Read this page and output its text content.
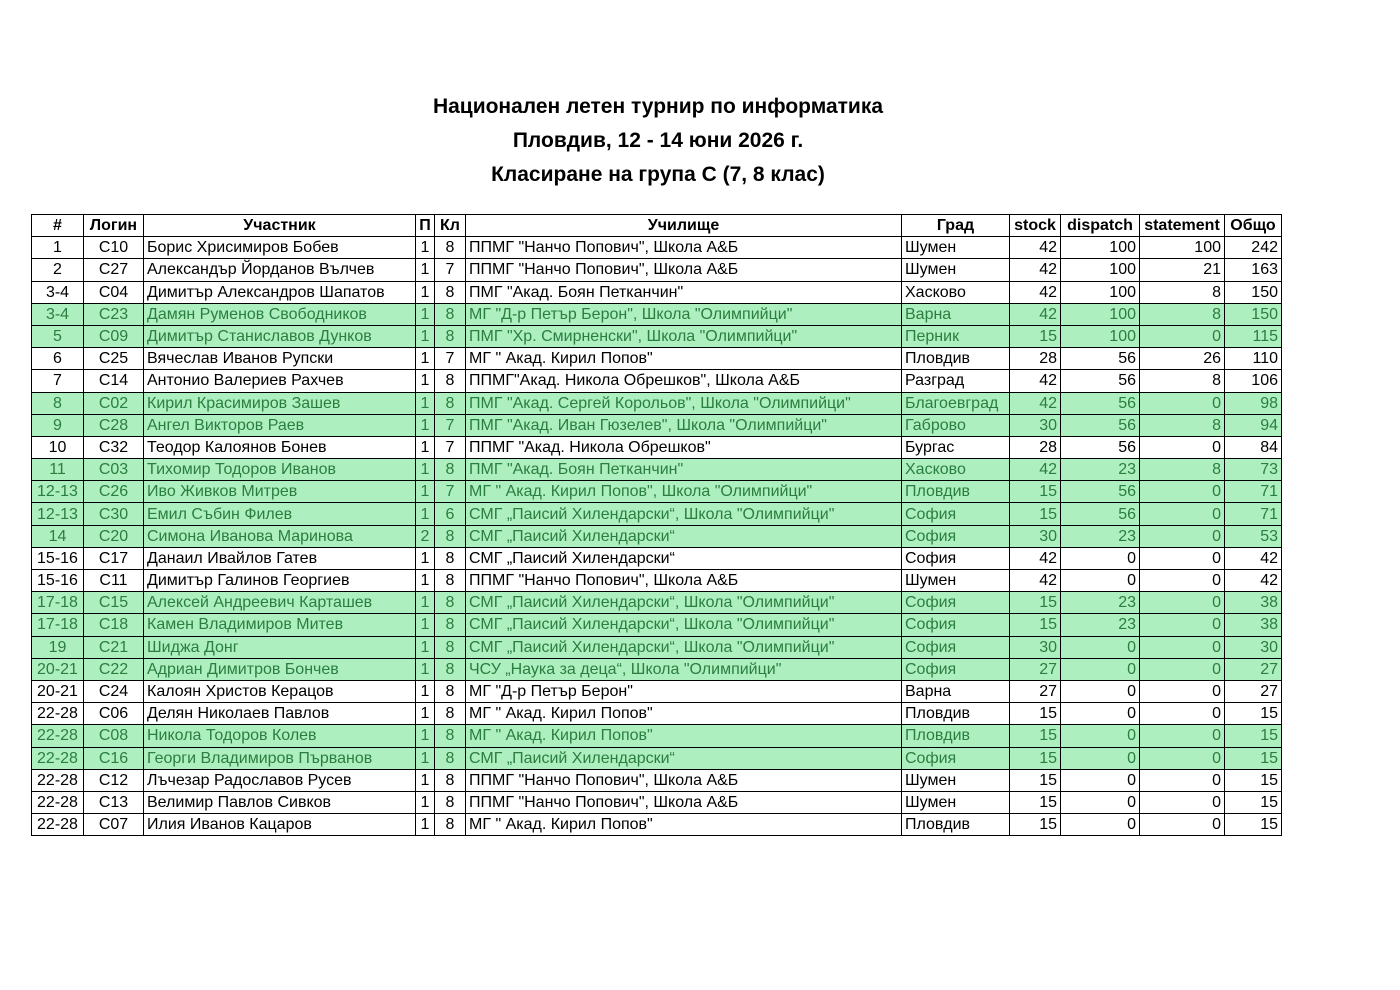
Национален летен турнир по информатика
Пловдив, 12 - 14 юни 2026 г.
Класиране на група C (7, 8 клас)
#	Логин	Участник	П	Кл	Училище	Град	stock	dispatch	statement	Общо
1	C10	Борис Хрисимиров Бобев	1	8	ППМГ "Нанчо Попович", Школа А&Б	Шумен	42	100	100	242
2	C27	Александър Йорданов Вълчев	1	7	ППМГ "Нанчо Попович", Школа А&Б	Шумен	42	100	21	163
3-4	C04	Димитър Александров Шапатов	1	8	ПМГ "Акад. Боян Петканчин"	Хасково	42	100	8	150
3-4	C23	Дамян Руменов Свободников	1	8	МГ "Д-р Петър Берон", Школа "Олимпийци"	Варна	42	100	8	150
5	C09	Димитър Станиславов Дунков	1	8	ПМГ "Хр. Смирненски", Школа "Олимпийци"	Перник	15	100	0	115
6	C25	Вячеслав Иванов Рупски	1	7	МГ " Акад. Кирил Попов"	Пловдив	28	56	26	110
7	C14	Антонио Валериев Рахчев	1	8	ППМГ"Акад. Никола Обрешков", Школа А&Б	Разград	42	56	8	106
8	C02	Кирил Красимиров Зашев	1	8	ПМГ "Акад. Сергей Корольов", Школа "Олимпийци"	Благоевград	42	56	0	98
9	C28	Ангел Викторов Раев	1	7	ПМГ "Акад. Иван Гюзелев", Школа "Олимпийци"	Габрово	30	56	8	94
10	C32	Теодор Калоянов Бонев	1	7	ППМГ "Акад. Никола Обрешков"	Бургас	28	56	0	84
11	C03	Тихомир Тодоров Иванов	1	8	ПМГ "Акад. Боян Петканчин"	Хасково	42	23	8	73
12-13	C26	Иво Живков Митрев	1	7	МГ " Акад. Кирил Попов", Школа "Олимпийци"	Пловдив	15	56	0	71
12-13	C30	Емил Събин Филев	1	6	СМГ „Паисий Хилендарски“, Школа "Олимпийци"	София	15	56	0	71
14	C20	Симона Иванова Маринова	2	8	СМГ „Паисий Хилендарски“	София	30	23	0	53
15-16	C17	Данаил Ивайлов Гатев	1	8	СМГ „Паисий Хилендарски“	София	42	0	0	42
15-16	C11	Димитър Галинов Георгиев	1	8	ППМГ "Нанчо Попович", Школа А&Б	Шумен	42	0	0	42
17-18	C15	Алексей Андреевич Карташев	1	8	СМГ „Паисий Хилендарски“, Школа "Олимпийци"	София	15	23	0	38
17-18	C18	Камен Владимиров Митев	1	8	СМГ „Паисий Хилендарски“, Школа "Олимпийци"	София	15	23	0	38
19	C21	Шиджа Донг	1	8	СМГ „Паисий Хилендарски“, Школа "Олимпийци"	София	30	0	0	30
20-21	C22	Адриан Димитров Бончев	1	8	ЧСУ „Наука за деца“, Школа "Олимпийци"	София	27	0	0	27
20-21	C24	Калоян Христов Керацов	1	8	МГ "Д-р Петър Берон"	Варна	27	0	0	27
22-28	C06	Делян Николаев Павлов	1	8	МГ " Акад. Кирил Попов"	Пловдив	15	0	0	15
22-28	C08	Никола Тодоров Колев	1	8	МГ " Акад. Кирил Попов"	Пловдив	15	0	0	15
22-28	C16	Георги Владимиров Първанов	1	8	СМГ „Паисий Хилендарски“	София	15	0	0	15
22-28	C12	Лъчезар Радославов Русев	1	8	ППМГ "Нанчо Попович", Школа А&Б	Шумен	15	0	0	15
22-28	C13	Велимир Павлов Сивков	1	8	ППМГ "Нанчо Попович", Школа А&Б	Шумен	15	0	0	15
22-28	C07	Илия Иванов Кацаров	1	8	МГ " Акад. Кирил Попов"	Пловдив	15	0	0	15
